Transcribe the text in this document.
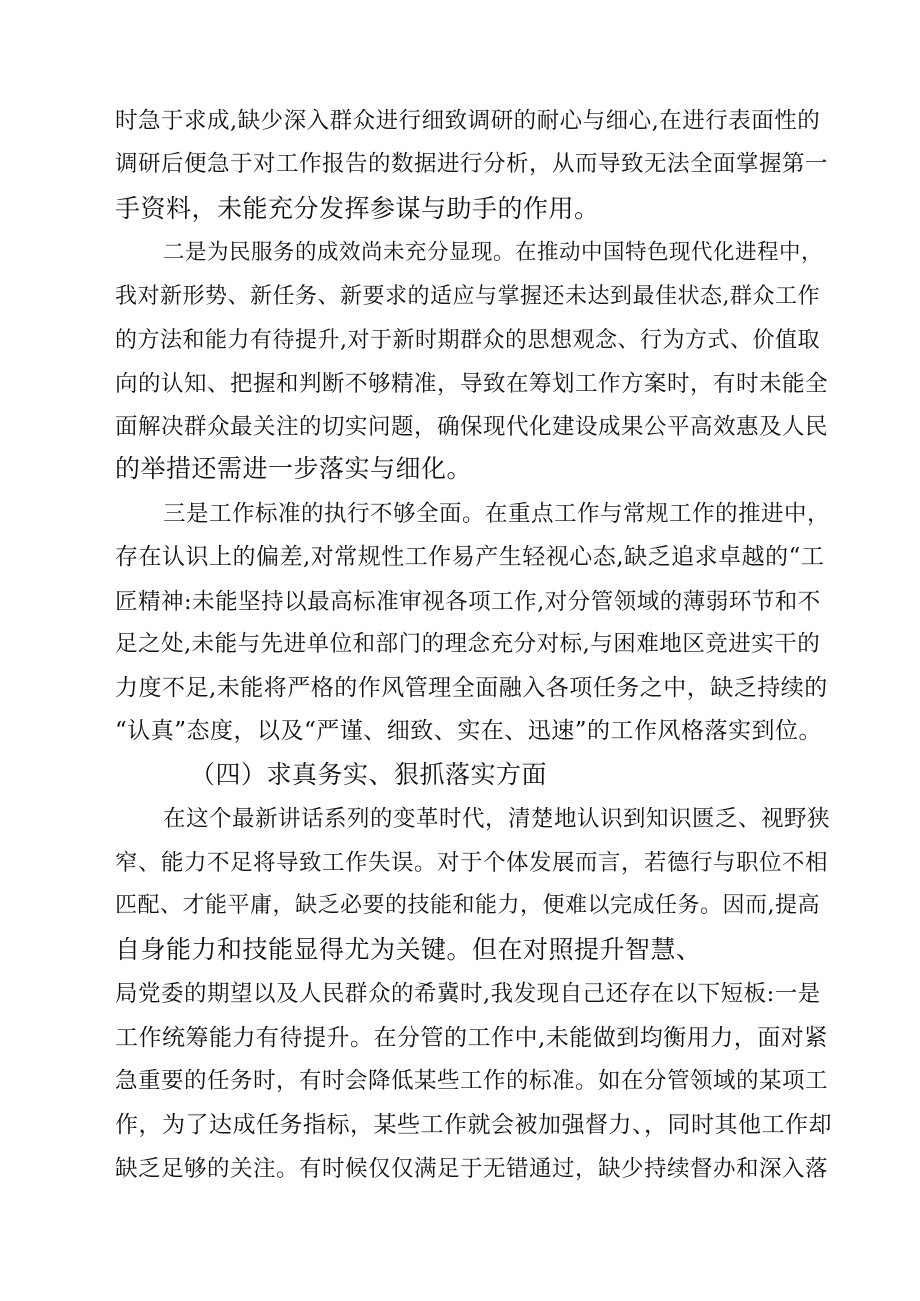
时急于求成,缺少深入群众进行细致调研的耐心与细心,在进行表面性的
调研后便急于对工作报告的数据进行分析，从而导致无法全面掌握第一
手资料，未能充分发挥参谋与助手的作用。
二是为民服务的成效尚未充分显现。在推动中国特色现代化进程中，
我对新形势、新任务、新要求的适应与掌握还未达到最佳状态,群众工作
的方法和能力有待提升,对于新时期群众的思想观念、行为方式、价值取
向的认知、把握和判断不够精准，导致在筹划工作方案时，有时未能全
面解决群众最关注的切实问题，确保现代化建设成果公平高效惠及人民
的举措还需进一步落实与细化。
三是工作标准的执行不够全面。在重点工作与常规工作的推进中，
存在认识上的偏差,对常规性工作易产生轻视心态,缺乏追求卓越的“工
匠精神:未能坚持以最高标准审视各项工作,对分管领域的薄弱环节和不
足之处,未能与先进单位和部门的理念充分对标,与困难地区竞进实干的
力度不足,未能将严格的作风管理全面融入各项任务之中，缺乏持续的
“认真”态度，以及“严谨、细致、实在、迅速”的工作风格落实到位。
（四）求真务实、狠抓落实方面
在这个最新讲话系列的变革时代，清楚地认识到知识匮乏、视野狭
窄、能力不足将导致工作失误。对于个体发展而言，若德行与职位不相
匹配、才能平庸，缺乏必要的技能和能力，便难以完成任务。因而,提高
自身能力和技能显得尤为关键。但在对照提升智慧、
局党委的期望以及人民群众的希冀时,我发现自己还存在以下短板:一是
工作统筹能力有待提升。在分管的工作中,未能做到均衡用力，面对紧
急重要的任务时，有时会降低某些工作的标准。如在分管领域的某项工
作，为了达成任务指标，某些工作就会被加强督力、，同时其他工作却
缺乏足够的关注。有时候仅仅满足于无错通过，缺少持续督办和深入落
